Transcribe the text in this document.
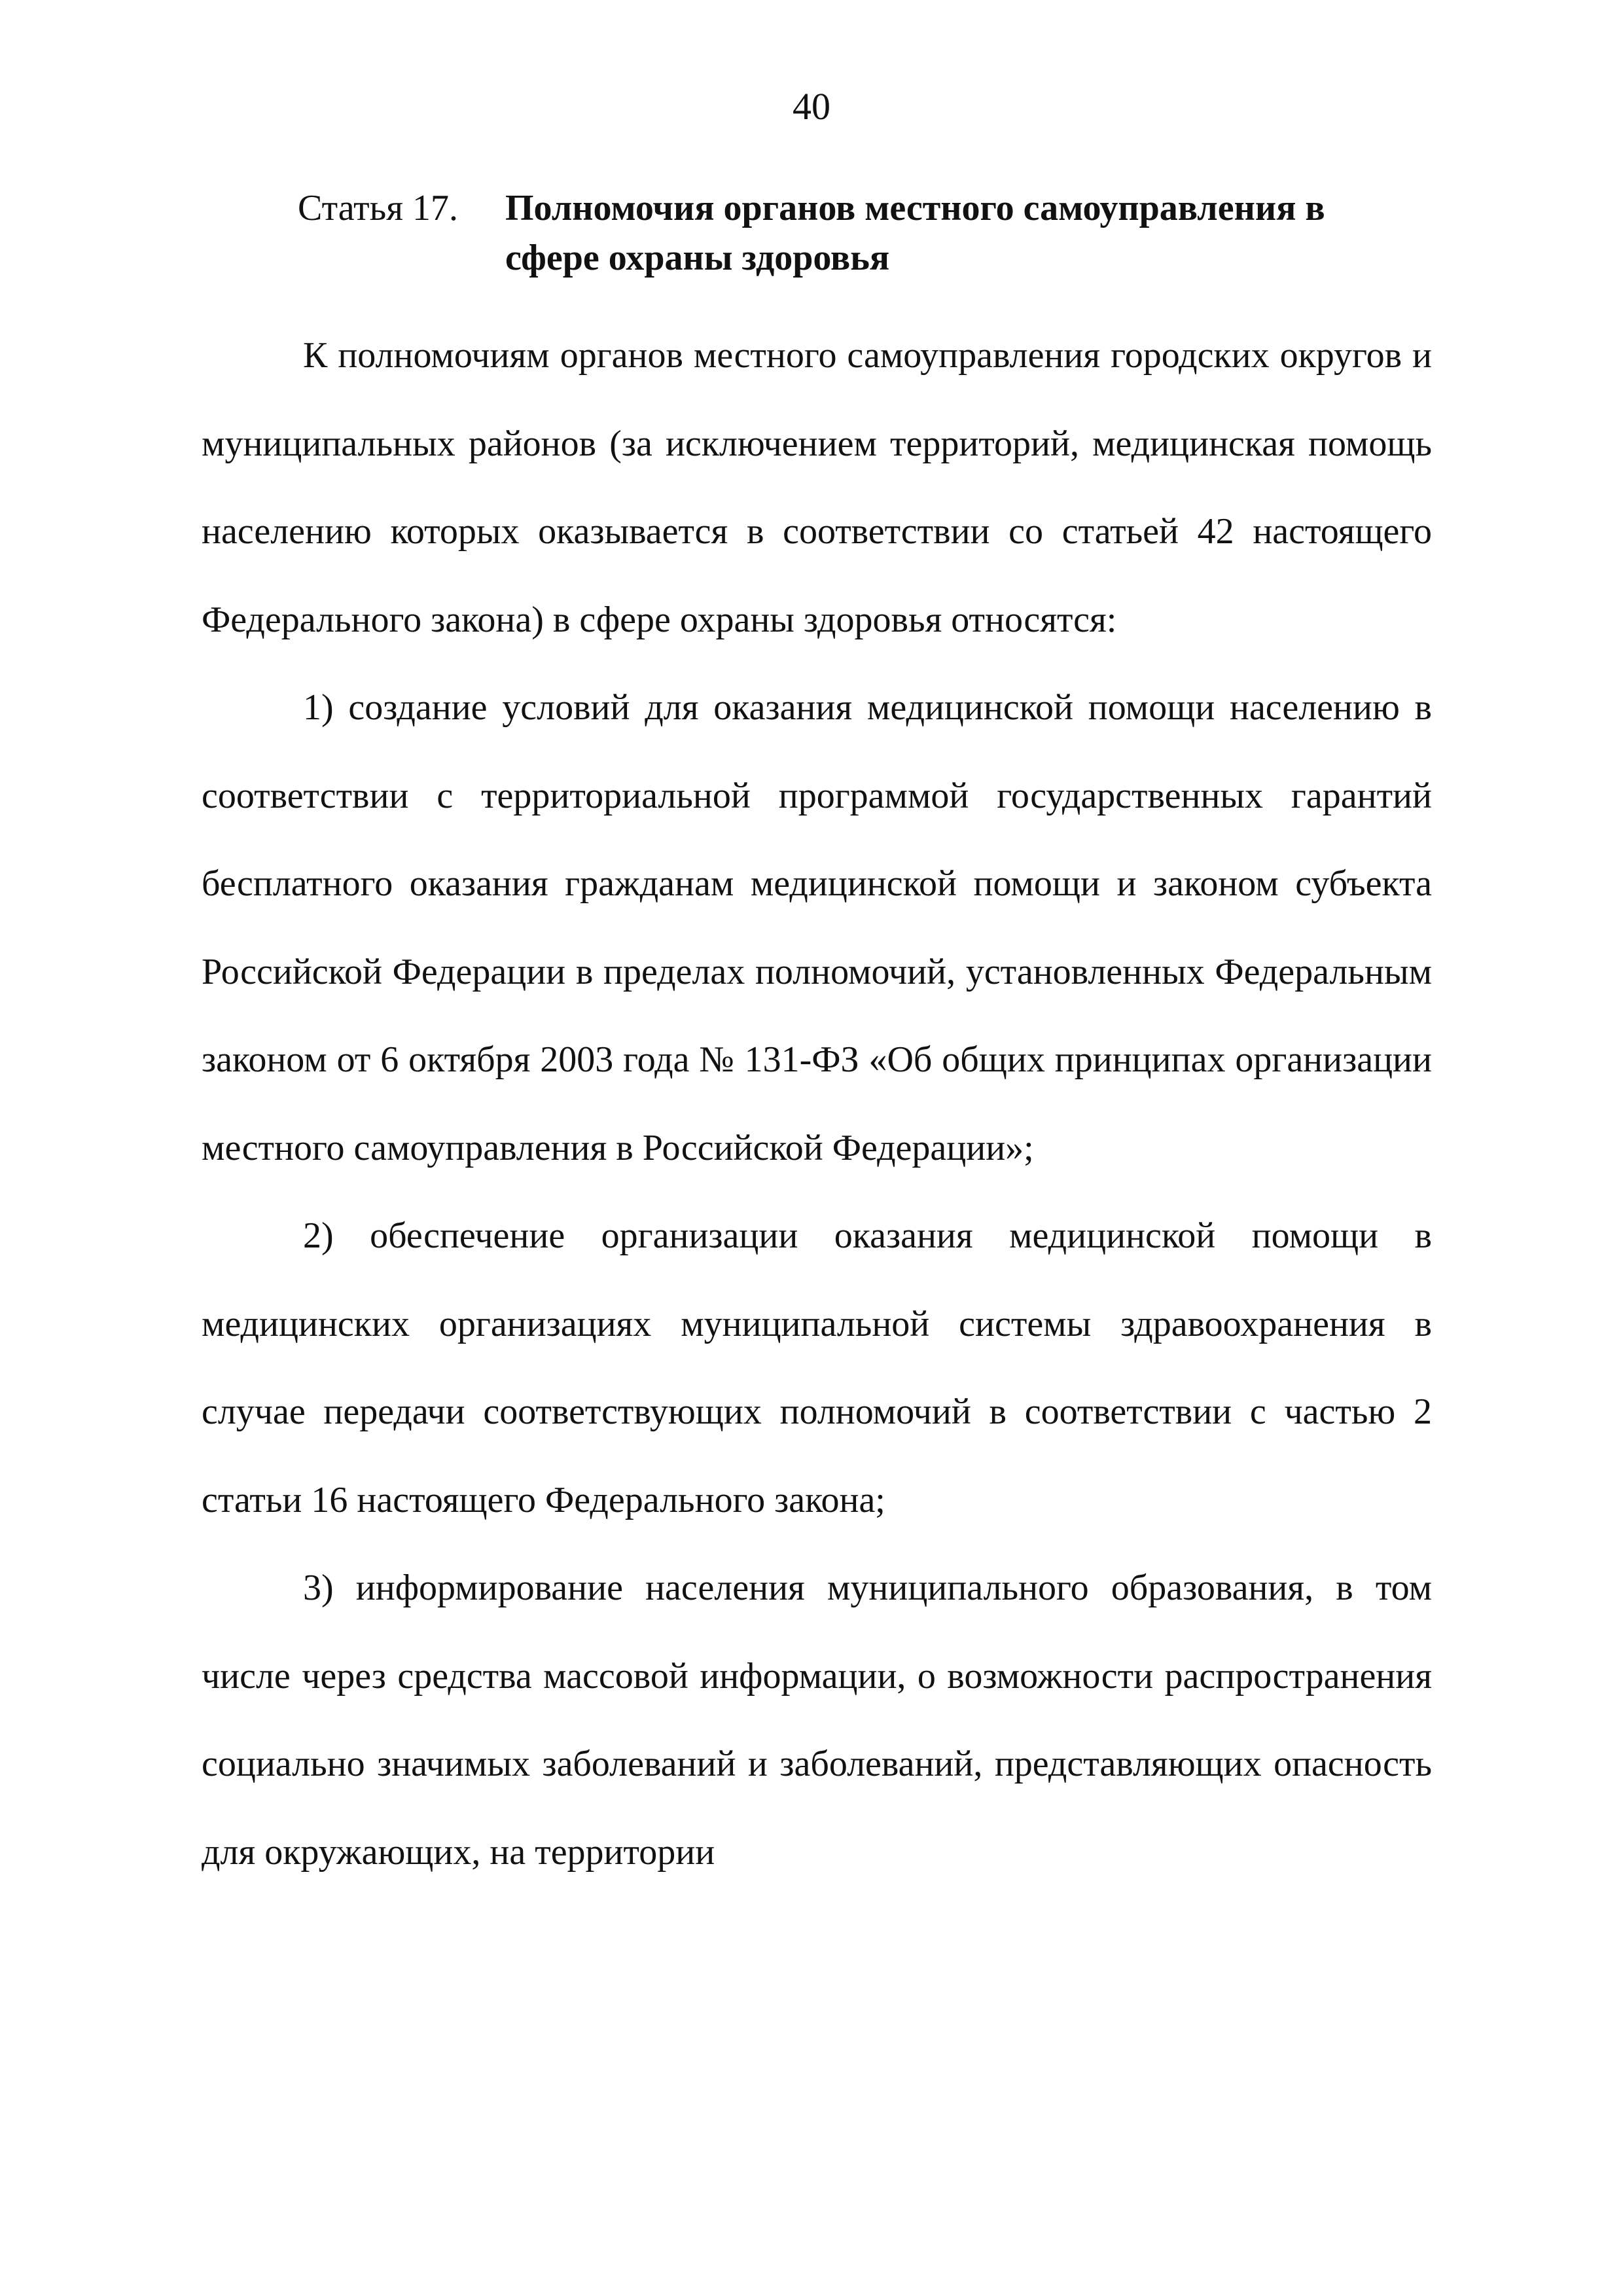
40
Статья 17. Полномочия органов местного самоуправления в сфере охраны здоровья

К полномочиям органов местного самоуправления городских округов и муниципальных районов (за исключением территорий, медицинская помощь населению которых оказывается в соответствии со статьей 42 настоящего Федерального закона) в сфере охраны здоровья относятся:

1) создание условий для оказания медицинской помощи населению в соответствии с территориальной программой государственных гарантий бесплатного оказания гражданам медицинской помощи и законом субъекта Российской Федерации в пределах полномочий, установленных Федеральным законом от 6 октября 2003 года № 131-ФЗ «Об общих принципах организации местного самоуправления в Российской Федерации»;

2) обеспечение организации оказания медицинской помощи в медицинских организациях муниципальной системы здравоохранения в случае передачи соответствующих полномочий в соответствии с частью 2 статьи 16 настоящего Федерального закона;

3) информирование населения муниципального образования, в том числе через средства массовой информации, о возможности распространения социально значимых заболеваний и заболеваний, представляющих опасность для окружающих, на территории
